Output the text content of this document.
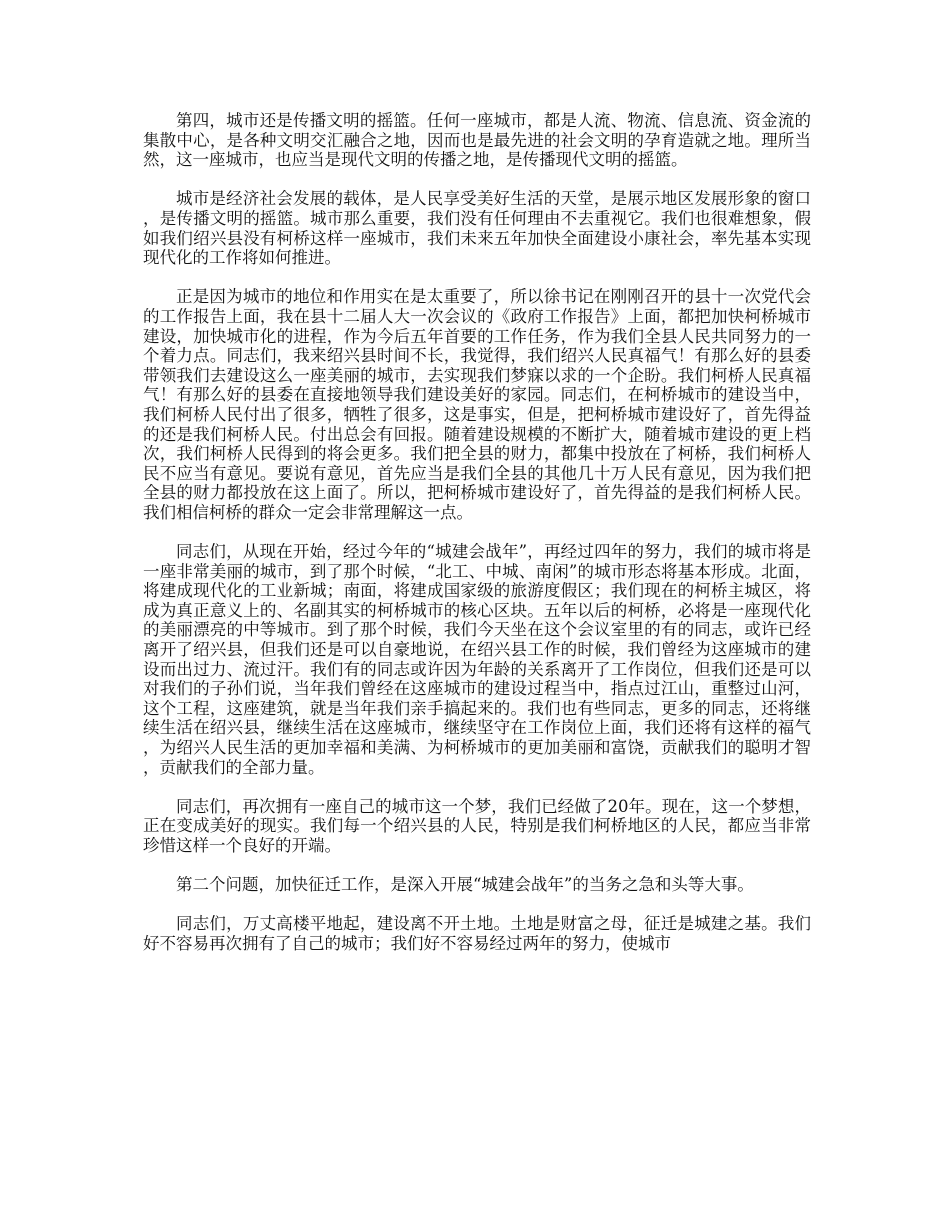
第四，城市还是传播文明的摇篮。任何一座城市，都是人流、物流、信息流、资金流的集散中心，是各种文明交汇融合之地，因而也是最先进的社会文明的孕育造就之地。理所当然，这一座城市，也应当是现代文明的传播之地，是传播现代文明的摇篮。

城市是经济社会发展的载体，是人民享受美好生活的天堂，是展示地区发展形象的窗口，是传播文明的摇篮。城市那么重要，我们没有任何理由不去重视它。我们也很难想象，假如我们绍兴县没有柯桥这样一座城市，我们未来五年加快全面建设小康社会，率先基本实现现代化的工作将如何推进。

正是因为城市的地位和作用实在是太重要了，所以徐书记在刚刚召开的县十一次党代会的工作报告上面，我在县十二届人大一次会议的《政府工作报告》上面，都把加快柯桥城市建设，加快城市化的进程，作为今后五年首要的工作任务，作为我们全县人民共同努力的一个着力点。同志们，我来绍兴县时间不长，我觉得，我们绍兴人民真福气！有那么好的县委带领我们去建设这么一座美丽的城市，去实现我们梦寐以求的一个企盼。我们柯桥人民真福气！有那么好的县委在直接地领导我们建设美好的家园。同志们，在柯桥城市的建设当中，我们柯桥人民付出了很多，牺牲了很多，这是事实，但是，把柯桥城市建设好了，首先得益的还是我们柯桥人民。付出总会有回报。随着建设规模的不断扩大，随着城市建设的更上档次，我们柯桥人民得到的将会更多。我们把全县的财力，都集中投放在了柯桥，我们柯桥人民不应当有意见。要说有意见，首先应当是我们全县的其他几十万人民有意见，因为我们把全县的财力都投放在这上面了。所以，把柯桥城市建设好了，首先得益的是我们柯桥人民。我们相信柯桥的群众一定会非常理解这一点。

同志们，从现在开始，经过今年的“城建会战年”，再经过四年的努力，我们的城市将是一座非常美丽的城市，到了那个时候，“北工、中城、南闲”的城市形态将基本形成。北面，将建成现代化的工业新城；南面，将建成国家级的旅游度假区；我们现在的柯桥主城区，将成为真正意义上的、名副其实的柯桥城市的核心区块。五年以后的柯桥，必将是一座现代化的美丽漂亮的中等城市。到了那个时候，我们今天坐在这个会议室里的有的同志，或许已经离开了绍兴县，但我们还是可以自豪地说，在绍兴县工作的时候，我们曾经为这座城市的建设而出过力、流过汗。我们有的同志或许因为年龄的关系离开了工作岗位，但我们还是可以对我们的子孙们说，当年我们曾经在这座城市的建设过程当中，指点过江山，重整过山河，这个工程，这座建筑，就是当年我们亲手搞起来的。我们也有些同志，更多的同志，还将继续生活在绍兴县，继续生活在这座城市，继续坚守在工作岗位上面，我们还将有这样的福气，为绍兴人民生活的更加幸福和美满、为柯桥城市的更加美丽和富饶，贡献我们的聪明才智，贡献我们的全部力量。

同志们，再次拥有一座自己的城市这一个梦，我们已经做了20年。现在，这一个梦想，正在变成美好的现实。我们每一个绍兴县的人民，特别是我们柯桥地区的人民，都应当非常珍惜这样一个良好的开端。

第二个问题，加快征迁工作，是深入开展“城建会战年”的当务之急和头等大事。

同志们，万丈高楼平地起，建设离不开土地。土地是财富之母，征迁是城建之基。我们好不容易再次拥有了自己的城市；我们好不容易经过两年的努力，使城市
